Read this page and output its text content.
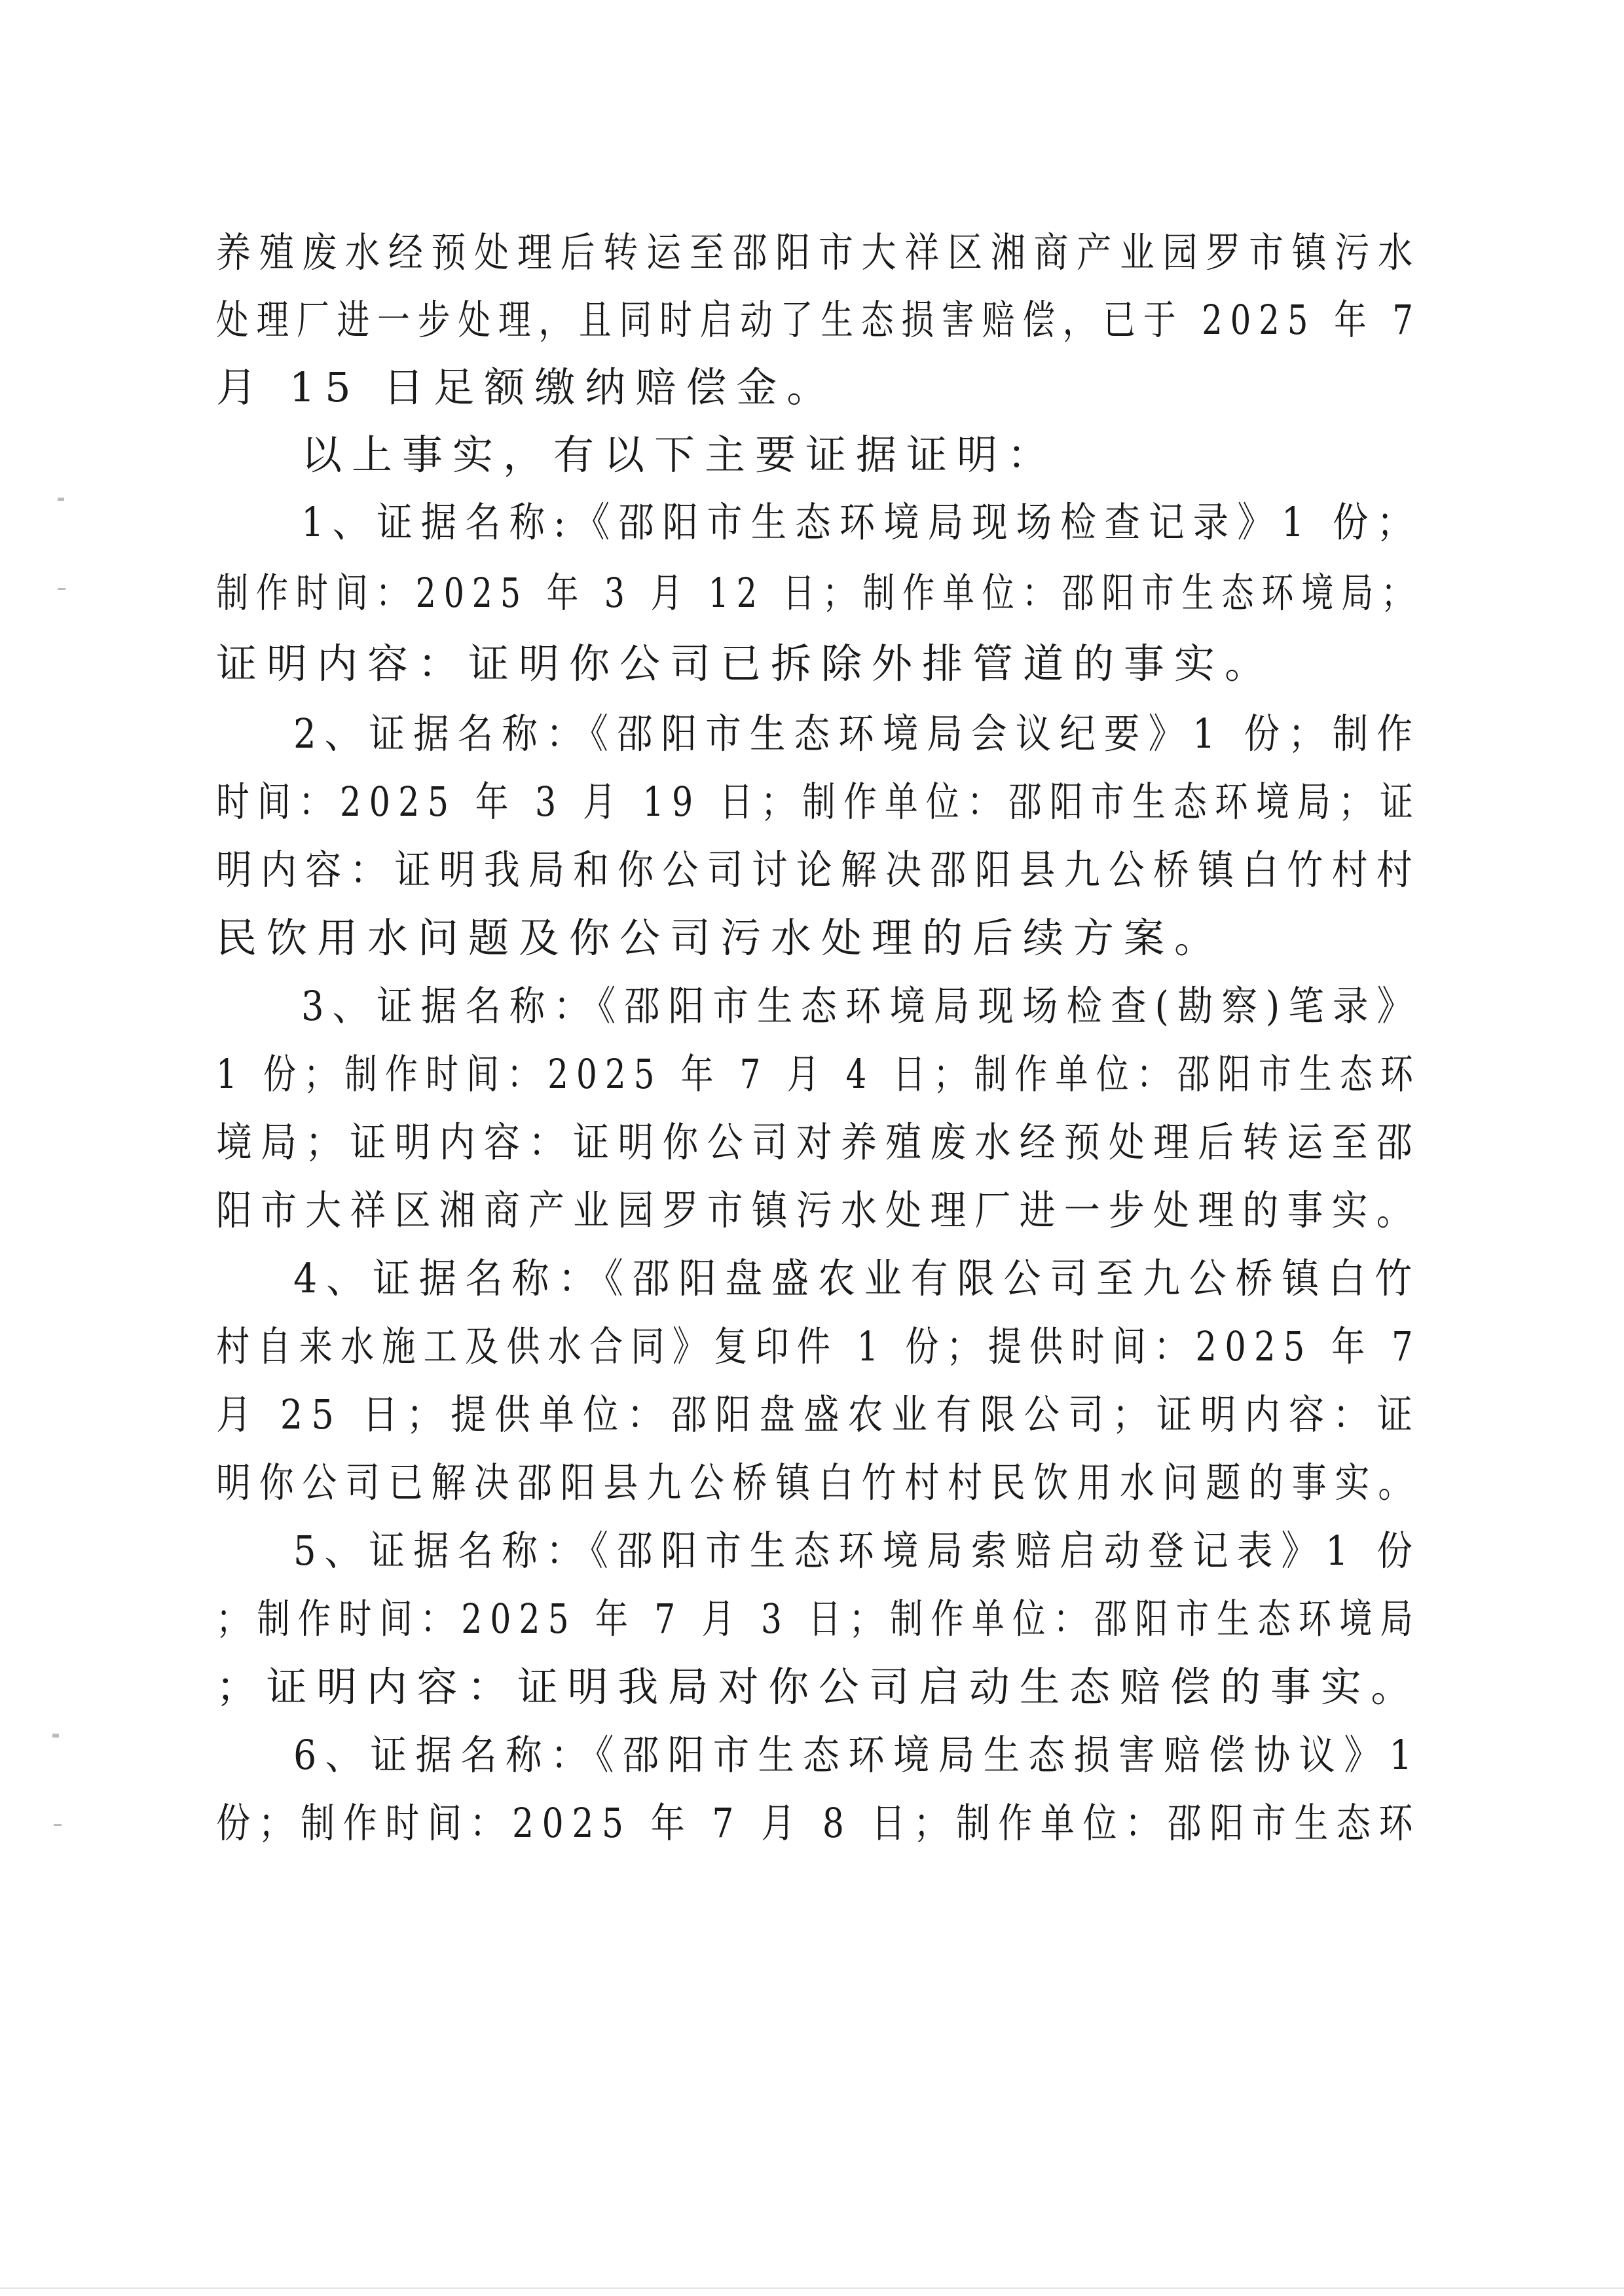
养殖废水经预处理后转运至邵阳市大祥区湘商产业园罗市镇污水
处理厂进一步处理，且同时启动了生态损害赔偿，已于 2025 年 7
月 15 日足额缴纳赔偿金。
以上事实，有以下主要证据证明：
1、证据名称:《邵阳市生态环境局现场检查记录》1 份；
制作时间：2025 年 3 月 12 日；制作单位：邵阳市生态环境局；
证明内容：证明你公司已拆除外排管道的事实。
2、证据名称：《邵阳市生态环境局会议纪要》1 份；制作
时间：2025 年 3 月 19 日；制作单位：邵阳市生态环境局；证
明内容：证明我局和你公司讨论解决邵阳县九公桥镇白竹村村
民饮用水问题及你公司污水处理的后续方案。
3、证据名称：《邵阳市生态环境局现场检查(勘察)笔录》
1 份；制作时间：2025 年 7 月 4 日；制作单位：邵阳市生态环
境局；证明内容：证明你公司对养殖废水经预处理后转运至邵
阳市大祥区湘商产业园罗市镇污水处理厂进一步处理的事实。
4、证据名称：《邵阳盘盛农业有限公司至九公桥镇白竹
村自来水施工及供水合同》复印件 1 份；提供时间：2025 年 7
月 25 日；提供单位：邵阳盘盛农业有限公司；证明内容：证
明你公司已解决邵阳县九公桥镇白竹村村民饮用水问题的事实。
5、证据名称：《邵阳市生态环境局索赔启动登记表》1 份
；制作时间：2025 年 7 月 3 日；制作单位：邵阳市生态环境局
；证明内容：证明我局对你公司启动生态赔偿的事实。
6、证据名称：《邵阳市生态环境局生态损害赔偿协议》1
份；制作时间：2025 年 7 月 8 日；制作单位：邵阳市生态环
